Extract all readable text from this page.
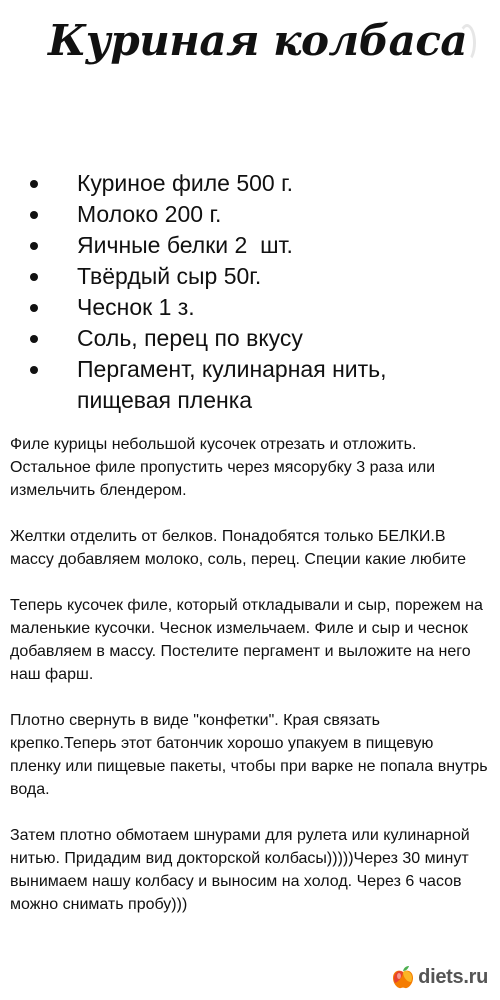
Куриная колбаса
Куриное филе 500 г.
Молоко 200 г.
Яичные белки 2  шт.
Твёрдый сыр 50г.
Чеснок 1 з.
Соль, перец по вкусу
Пергамент, кулинарная нить, пищевая пленка

Филе курицы небольшой кусочек отрезать и отложить. Остальное филе пропустить через мясорубку 3 раза или измельчить блендером.

Желтки отделить от белков. Понадобятся только БЕЛКИ.В массу добавляем молоко, соль, перец. Специи какие любите

Теперь кусочек филе, который откладывали и сыр, порежем на маленькие кусочки. Чеснок измельчаем. Филе и сыр и чеснок добавляем в массу. Постелите пергамент и выложите на него наш фарш.

Плотно свернуть в виде "конфетки". Края связать крепко.Теперь этот батончик хорошо упакуем в пищевую пленку или пищевые пакеты, чтобы при варке не попала внутрь вода.

Затем плотно обмотаем шнурами для рулета или кулинарной нитью. Придадим вид докторской колбасы)))))Через 30 минут вынимаем нашу колбасу и выносим на холод. Через 6 часов можно снимать пробу)))

diets.ru
